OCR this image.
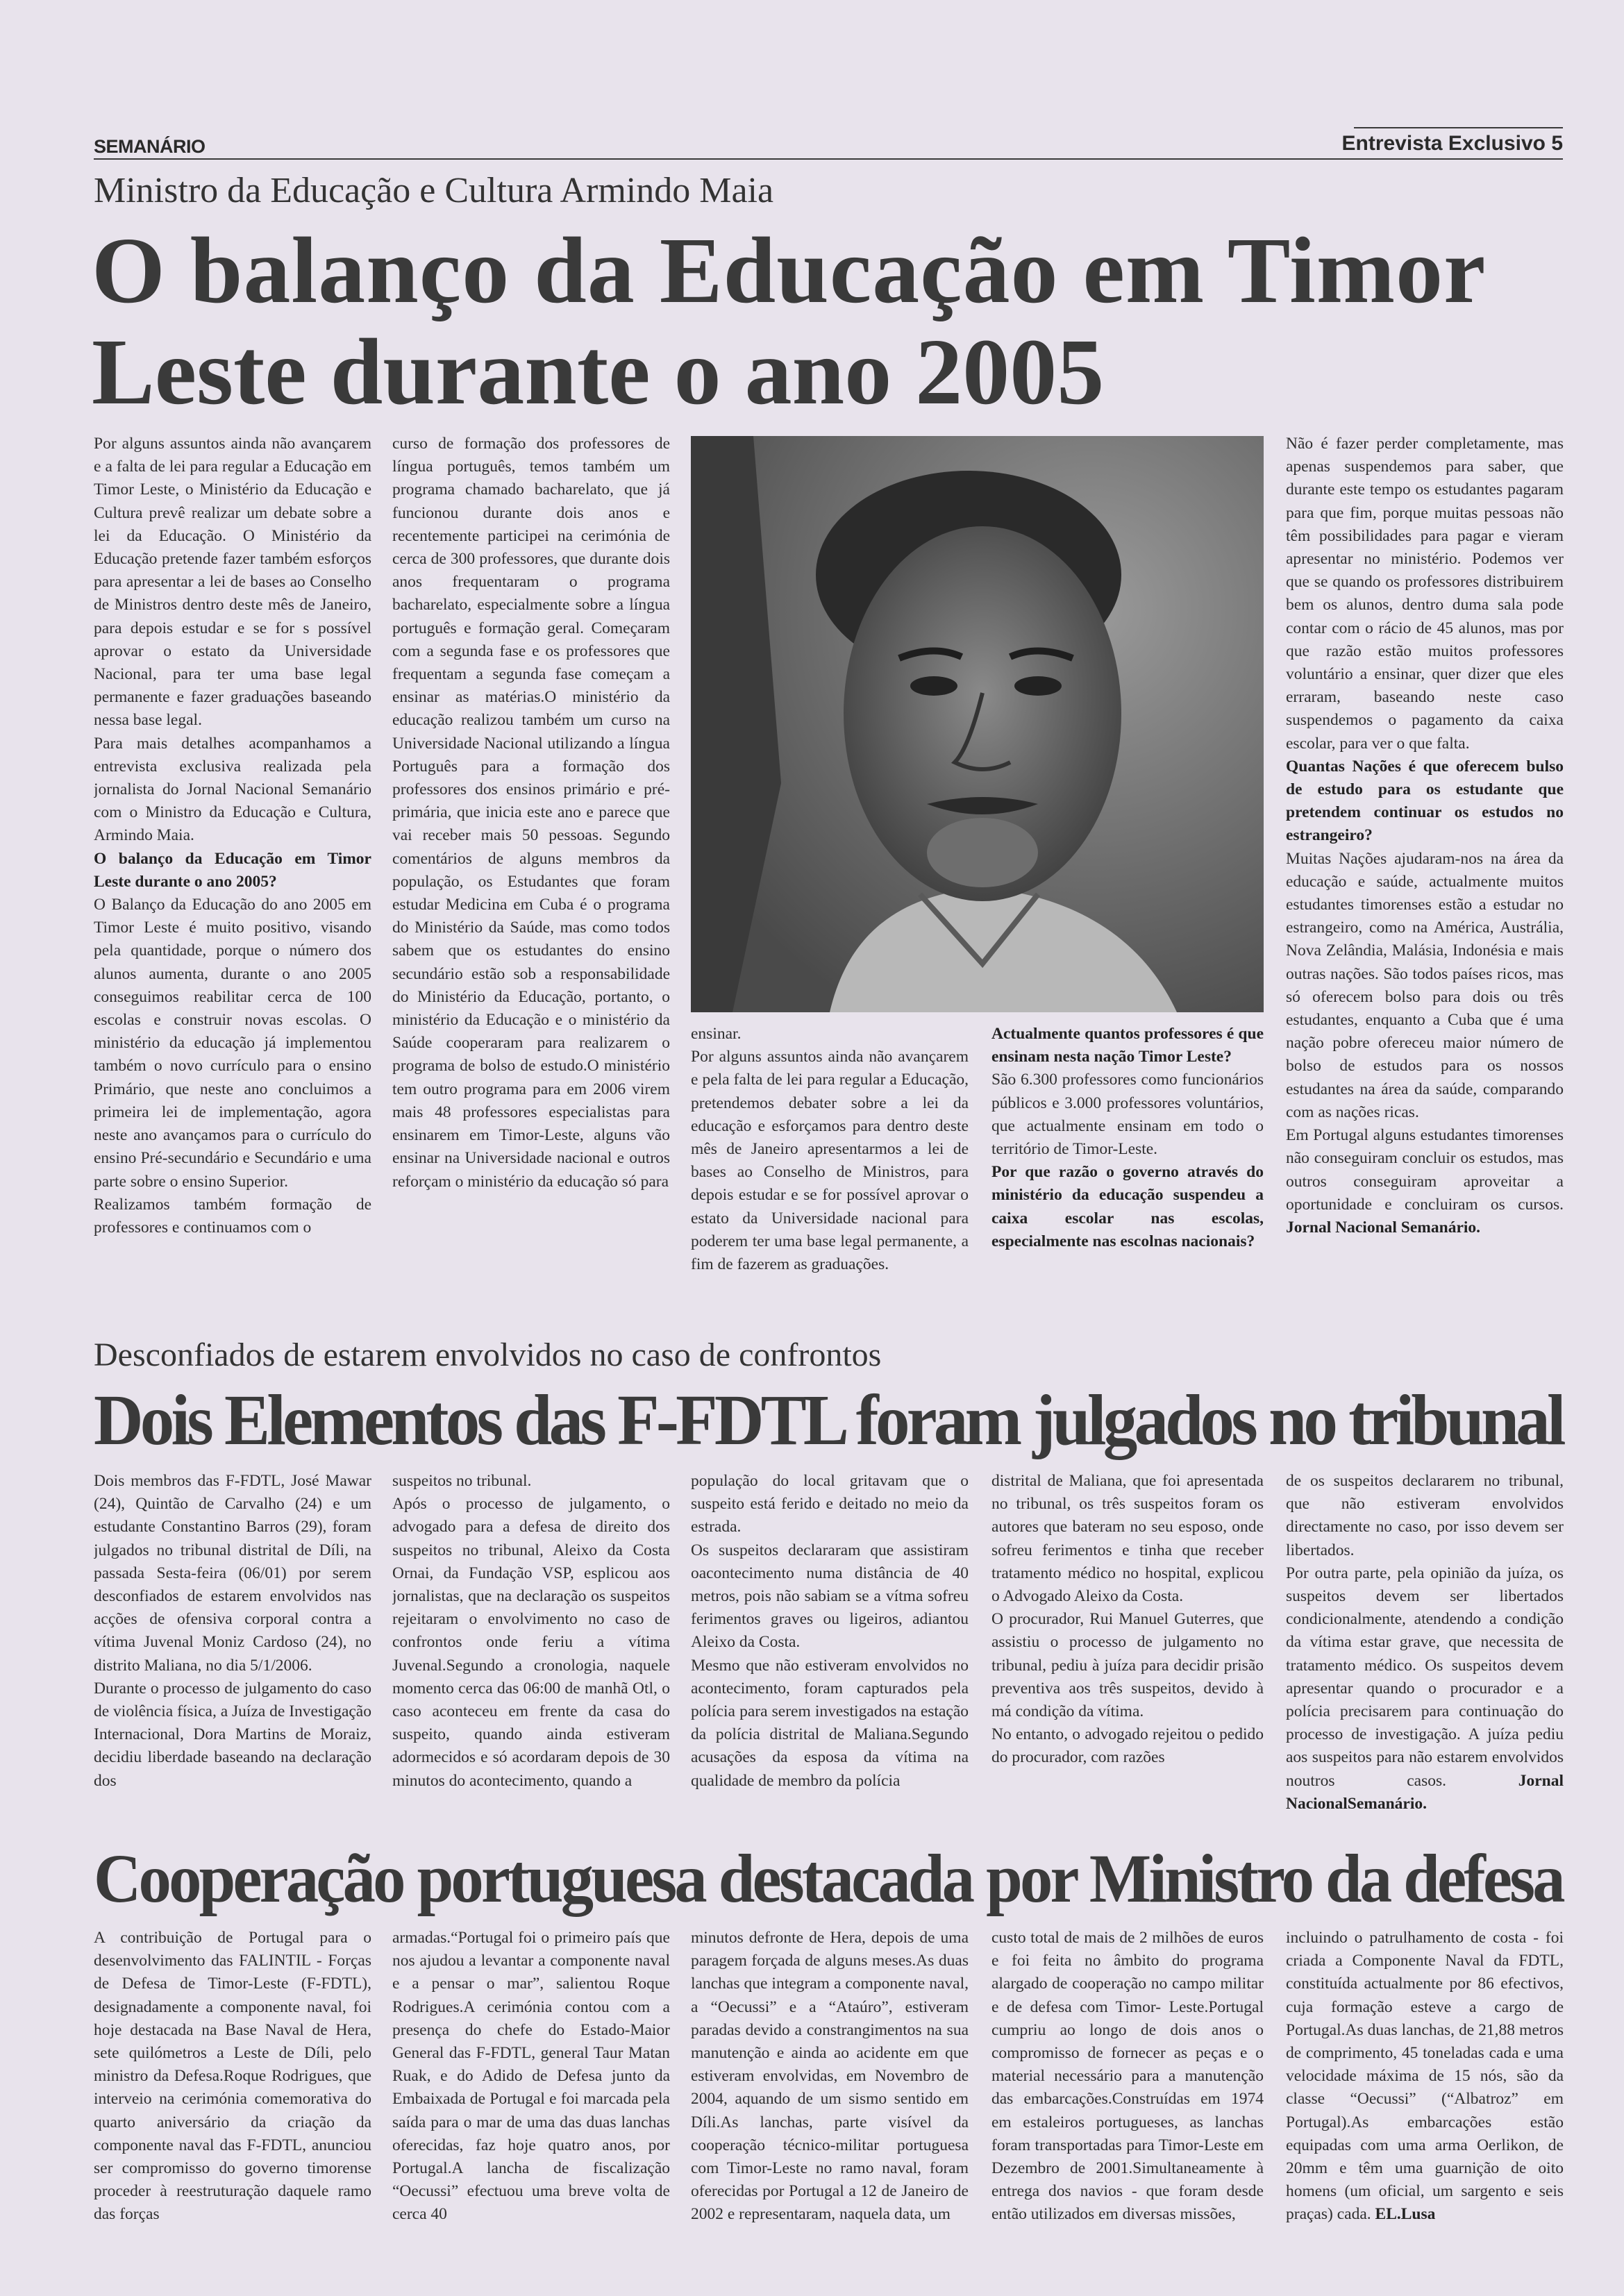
SEMANÁRIO	Entrevista Exclusivo 5
Ministro da Educação e Cultura Armindo Maia
O balanço da Educação em Timor
Leste durante o ano 2005

Por alguns assuntos ainda não avançarem e a falta de lei para regular a Educação em Timor Leste, o Ministério da Educação e Cultura prevê realizar um debate sobre a lei da Educação. O Ministério da Educação pretende fazer também esforços para apresentar a lei de bases ao Conselho de Ministros dentro deste mês de Janeiro, para depois estudar e se for s possível aprovar o estato da Universidade Nacional, para ter uma base legal permanente e fazer graduações baseando nessa base legal.

Para mais detalhes acompanhamos a entrevista exclusiva realizada pela jornalista do Jornal Nacional Semanário com o Ministro da Educação e Cultura, Armindo Maia.

O balanço da Educação em Timor Leste durante o ano 2005?

O Balanço da Educação do ano 2005 em Timor Leste é muito positivo, visando pela quantidade, porque o número dos alunos aumenta, durante o ano 2005 conseguimos reabilitar cerca de 100 escolas e construir novas escolas. O ministério da educação já implementou também o novo currículo para o ensino Primário, que neste ano concluimos a primeira lei de implementação, agora neste ano avançamos para o currículo do ensino Pré-secundário e Secundário e uma parte sobre o ensino Superior.

Realizamos também formação de professores e continuamos com o

curso de formação dos professores de língua português, temos também um programa chamado bacharelato, que já funcionou durante dois anos e recentemente participei na cerimónia de cerca de 300 professores, que durante dois anos frequentaram o programa bacharelato, especialmente sobre a língua português e formação geral. Começaram com a segunda fase e os professores que frequentam a segunda fase começam a ensinar as matérias.O ministério da educação realizou também um curso na Universidade Nacional utilizando a língua Português para a formação dos professores dos ensinos primário e pré-primária, que inicia este ano e parece que vai receber mais 50 pessoas. Segundo comentários de alguns membros da população, os Estudantes que foram estudar Medicina em Cuba é o programa do Ministério da Saúde, mas como todos sabem que os estudantes do ensino secundário estão sob a responsabilidade do Ministério da Educação, portanto, o ministério da Educação e o ministério da Saúde cooperaram para realizarem o programa de bolso de estudo.O ministério tem outro programa para em 2006 virem mais 48 professores especialistas para ensinarem em Timor-Leste, alguns vão ensinar na Universidade nacional e outros reforçam o ministério da educação só para

ensinar.

Por alguns assuntos ainda não avançarem e pela falta de lei para regular a Educação, pretendemos debater sobre a lei da educação e esforçamos para dentro deste mês de Janeiro apresentarmos a lei de bases ao Conselho de Ministros, para depois estudar e se for possível aprovar o estato da Universidade nacional para poderem ter uma base legal permanente, a fim de fazerem as graduações.

Actualmente quantos professores é que ensinam nesta nação Timor Leste?

São 6.300 professores como funcionários públicos e 3.000 professores voluntários, que actualmente ensinam em todo o território de Timor-Leste.

Por que razão o governo através do ministério da educação suspendeu a caixa escolar nas escolas, especialmente nas escolnas nacionais?

Não é fazer perder completamente, mas apenas suspendemos para saber, que durante este tempo os estudantes pagaram para que fim, porque muitas pessoas não têm possibilidades para pagar e vieram apresentar no ministério. Podemos ver que se quando os professores distribuirem bem os alunos, dentro duma sala pode contar com o rácio de 45 alunos, mas por que razão estão muitos professores voluntário a ensinar, quer dizer que eles erraram, baseando neste caso suspendemos o pagamento da caixa escolar, para ver o que falta.

Quantas Nações é que oferecem bulso de estudo para os estudante que pretendem continuar os estudos no estrangeiro?

Muitas Nações ajudaram-nos na área da educação e saúde, actualmente muitos estudantes timorenses estão a estudar no estrangeiro, como na América, Austrália, Nova Zelândia, Malásia, Indonésia e mais outras nações. São todos países ricos, mas só oferecem bolso para dois ou três estudantes, enquanto a Cuba que é uma nação pobre ofereceu maior número de bolso de estudos para os nossos estudantes na área da saúde, comparando com as nações ricas.

Em Portugal alguns estudantes timorenses não conseguiram concluir os estudos, mas outros conseguiram aproveitar a oportunidade e concluiram os cursos. Jornal Nacional Semanário.

Desconfiados de estarem envolvidos no caso de confrontos
Dois Elementos das F-FDTL foram julgados no tribunal

Dois membros das F-FDTL, José Mawar (24), Quintão de Carvalho (24) e um estudante Constantino Barros (29), foram julgados no tribunal distrital de Díli, na passada Sesta-feira (06/01) por serem desconfiados de estarem envolvidos nas acções de ofensiva corporal contra a vítima Juvenal Moniz Cardoso (24), no distrito Maliana, no dia 5/1/2006.

Durante o processo de julgamento do caso de violência física, a Juíza de Investigação Internacional, Dora Martins de Moraiz, decidiu liberdade baseando na declaração dos

suspeitos no tribunal.

Após o processo de julgamento, o advogado para a defesa de direito dos suspeitos no tribunal, Aleixo da Costa Ornai, da Fundação VSP, esplicou aos jornalistas, que na declaração os suspeitos rejeitaram o envolvimento no caso de confrontos onde feriu a vítima Juvenal.Segundo a cronologia, naquele momento cerca das 06:00 de manhã Otl, o caso aconteceu em frente da casa do suspeito, quando ainda estiveram adormecidos e só acordaram depois de 30 minutos do acontecimento, quando a

população do local gritavam que o suspeito está ferido e deitado no meio da estrada.

Os suspeitos declararam que assistiram oacontecimento numa distância de 40 metros, pois não sabiam se a vítma sofreu ferimentos graves ou ligeiros, adiantou Aleixo da Costa.

Mesmo que não estiveram envolvidos no acontecimento, foram capturados pela polícia para serem investigados na estação da polícia distrital de Maliana.Segundo acusações da esposa da vítima na qualidade de membro da polícia

distrital de Maliana, que foi apresentada no tribunal, os três suspeitos foram os autores que bateram no seu esposo, onde sofreu ferimentos e tinha que receber tratamento médico no hospital, explicou o Advogado Aleixo da Costa.

O procurador, Rui Manuel Guterres, que assistiu o processo de julgamento no tribunal, pediu à juíza para decidir prisão preventiva aos três suspeitos, devido à má condição da vítima.

No entanto, o advogado rejeitou o pedido do procurador, com razões

de os suspeitos declararem no tribunal, que não estiveram envolvidos directamente no caso, por isso devem ser libertados.

Por outra parte, pela opinião da juíza, os suspeitos devem ser libertados condicionalmente, atendendo a condição da vítima estar grave, que necessita de tratamento médico. Os suspeitos devem apresentar quando o procurador e a polícia precisarem para continuação do processo de investigação. A juíza pediu aos suspeitos para não estarem envolvidos noutros casos.	Jornal NacionalSemanário.

Cooperação portuguesa destacada por Ministro da defesa

A contribuição de Portugal para o desenvolvimento das FALINTIL - Forças de Defesa de Timor-Leste (F-FDTL), designadamente a componente naval, foi hoje destacada na Base Naval de Hera, sete quilómetros a Leste de Díli, pelo ministro da Defesa.Roque Rodrigues, que interveio na cerimónia comemorativa do quarto aniversário da criação da componente naval das F-FDTL, anunciou ser compromisso do governo timorense proceder à reestruturação daquele ramo das forças

armadas.“Portugal foi o primeiro país que nos ajudou a levantar a componente naval e a pensar o mar”, salientou Roque Rodrigues.A cerimónia contou com a presença do chefe do Estado-Maior General das F-FDTL, general Taur Matan Ruak, e do Adido de Defesa junto da Embaixada de Portugal e foi marcada pela saída para o mar de uma das duas lanchas oferecidas, faz hoje quatro anos, por Portugal.A lancha de fiscalização “Oecussi” efectuou uma breve volta de cerca 40

minutos defronte de Hera, depois de uma paragem forçada de alguns meses.As duas lanchas que integram a componente naval, a “Oecussi” e a “Ataúro”, estiveram paradas devido a constrangimentos na sua manutenção e ainda ao acidente em que estiveram envolvidas, em Novembro de 2004, aquando de um sismo sentido em Díli.As lanchas, parte visível da cooperação técnico-militar portuguesa com Timor-Leste no ramo naval, foram oferecidas por Portugal a 12 de Janeiro de 2002 e representaram, naquela data, um

custo total de mais de 2 milhões de euros e foi feita no âmbito do programa alargado de cooperação no campo militar e de defesa com Timor- Leste.Portugal cumpriu ao longo de dois anos o compromisso de fornecer as peças e o material necessário para a manutenção das embarcações.Construídas em 1974 em estaleiros portugueses, as lanchas foram transportadas para Timor-Leste em Dezembro de 2001.Simultaneamente à entrega dos navios - que foram desde então utilizados em diversas missões,

incluindo o patrulhamento de costa - foi criada a Componente Naval da FDTL, constituída actualmente por 86 efectivos, cuja formação esteve a cargo de Portugal.As duas lanchas, de 21,88 metros de comprimento, 45 toneladas cada e uma velocidade máxima de 15 nós, são da classe “Oecussi” (“Albatroz” em Portugal).As embarcações estão equipadas com uma arma Oerlikon, de 20mm e têm uma guarnição de oito homens (um oficial, um sargento e seis praças) cada. EL.Lusa
